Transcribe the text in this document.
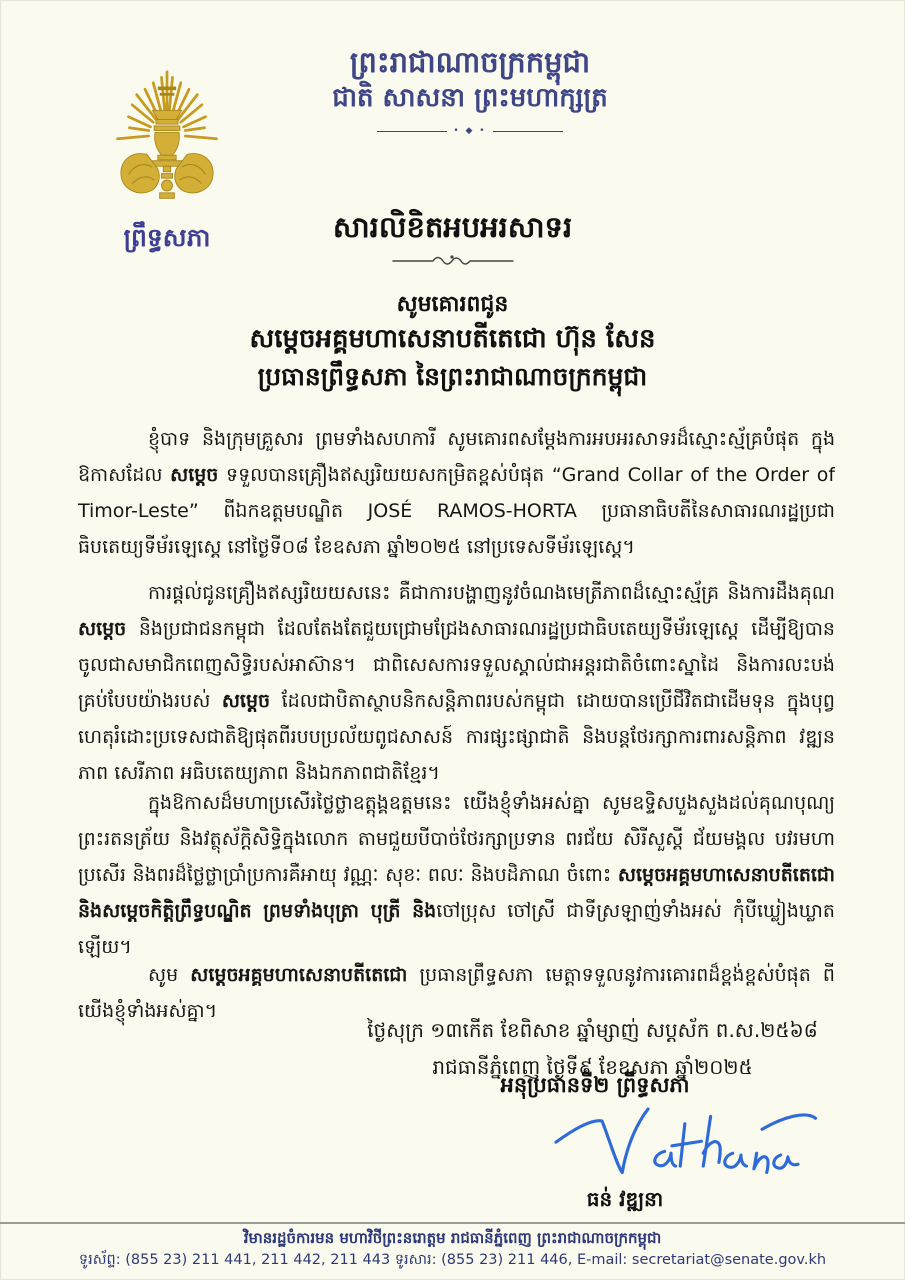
ព្រឹទ្ធសភា
ព្រះរាជាណាចក្រកម្ពុជា
ជាតិ សាសនា ព្រះមហាក្សត្រ
• ◆ •
សារលិខិតអបអរសាទរ
សូមគោរពជូន
សម្តេចអគ្គមហាសេនាបតីតេជោ ហ៊ុន សែន
ប្រធានព្រឹទ្ធសភា នៃព្រះរាជាណាចក្រកម្ពុជា

ខ្ញុំបាទ និងក្រុមគ្រួសារ ព្រមទាំងសហការី សូមគោរពសម្តែងការអបអរសាទរដ៏ស្មោះស្ម័គ្របំផុត ក្នុងឱកាសដែល សម្តេច ទទួលបានគ្រឿងឥស្សរិយយសកម្រិតខ្ពស់បំផុត “Grand Collar of the Order of Timor-Leste” ពីឯកឧត្តមបណ្ឌិត JOSÉ RAMOS-HORTA ប្រធានាធិបតីនៃសាធារណរដ្ឋប្រជាធិបតេយ្យទីម័រឡេស្តេ នៅថ្ងៃទី០៨ ខែឧសភា ឆ្នាំ២០២៥ នៅប្រទេសទីម័រឡេស្តេ។

ការផ្តល់ជូនគ្រឿងឥស្សរិយយសនេះ គឺជាការបង្ហាញនូវចំណងមេត្រីភាពដ៏ស្មោះស្ម័គ្រ និងការដឹងគុណ សម្តេច និងប្រជាជនកម្ពុជា ដែលតែងតែជួយជ្រោមជ្រែងសាធារណរដ្ឋប្រជាធិបតេយ្យទីម័រឡេស្តេ ដើម្បីឱ្យបានចូលជាសមាជិកពេញសិទ្ធិរបស់អាស៊ាន។ ជាពិសេសការទទួលស្គាល់ជាអន្តរជាតិចំពោះស្នាដៃ និងការលះបង់គ្រប់បែបយ៉ាងរបស់ សម្តេច ដែលជាបិតាស្ថាបនិកសន្តិភាពរបស់កម្ពុជា ដោយបានប្រើជីវិតជាដើមទុន ក្នុងបុព្វហេតុរំដោះប្រទេសជាតិឱ្យផុតពីរបបប្រល័យពូជសាសន៍ ការផ្សះផ្សាជាតិ និងបន្តថែរក្សាការពារសន្តិភាព វឌ្ឍនភាព សេរីភាព អធិបតេយ្យភាព និងឯកភាពជាតិខ្មែរ។

ក្នុងឱកាសដ៏មហាប្រសើរថ្លៃថ្លាឧត្តុង្គឧត្តមនេះ យើងខ្ញុំទាំងអស់គ្នា សូមឧទ្ទិសបួងសួងដល់គុណបុណ្យព្រះរតនត្រ័យ និងវត្ថុស័ក្តិសិទ្ធិក្នុងលោក តាមជួយបីបាច់ថែរក្សាប្រទាន ពរជ័យ សិរីសួស្តី ជ័យមង្គល បវរមហាប្រសើរ និងពរដ៏ថ្លៃថ្លាប្រាំប្រការគឺអាយុ វណ្ណៈ សុខៈ ពលៈ និងបដិភាណ ចំពោះ សម្តេចអគ្គមហាសេនាបតីតេជោ និងសម្តេចកិត្តិព្រឹទ្ធបណ្ឌិត ព្រមទាំងបុត្រា បុត្រី និងចៅប្រុស ចៅស្រី ជាទីស្រឡាញ់ទាំងអស់ កុំបីឃ្លៀងឃ្លាតឡើយ។

សូម សម្តេចអគ្គមហាសេនាបតីតេជោ ប្រធានព្រឹទ្ធសភា មេត្តាទទួលនូវការគោរពដ៏ខ្ពង់ខ្ពស់បំផុត ពីយើងខ្ញុំទាំងអស់គ្នា។

ថ្ងៃសុក្រ ១៣កើត ខែពិសាខ ឆ្នាំម្សាញ់ សប្តស័ក ព.ស.២៥៦៨
រាជធានីភ្នំពេញ ថ្ងៃទី៩ ខែឧសភា ឆ្នាំ២០២៥
អនុប្រធានទី២ ព្រឹទ្ធសភា
ធន់ វឌ្ឍនា
វិមានរដ្ឋចំការមន មហាវិថីព្រះនរោត្តម រាជធានីភ្នំពេញ ព្រះរាជាណាចក្រកម្ពុជា
ទូរស័ព្ទ: (855 23) 211 441, 211 442, 211 443 ទូរសារ: (855 23) 211 446, E-mail: secretariat@senate.gov.kh
